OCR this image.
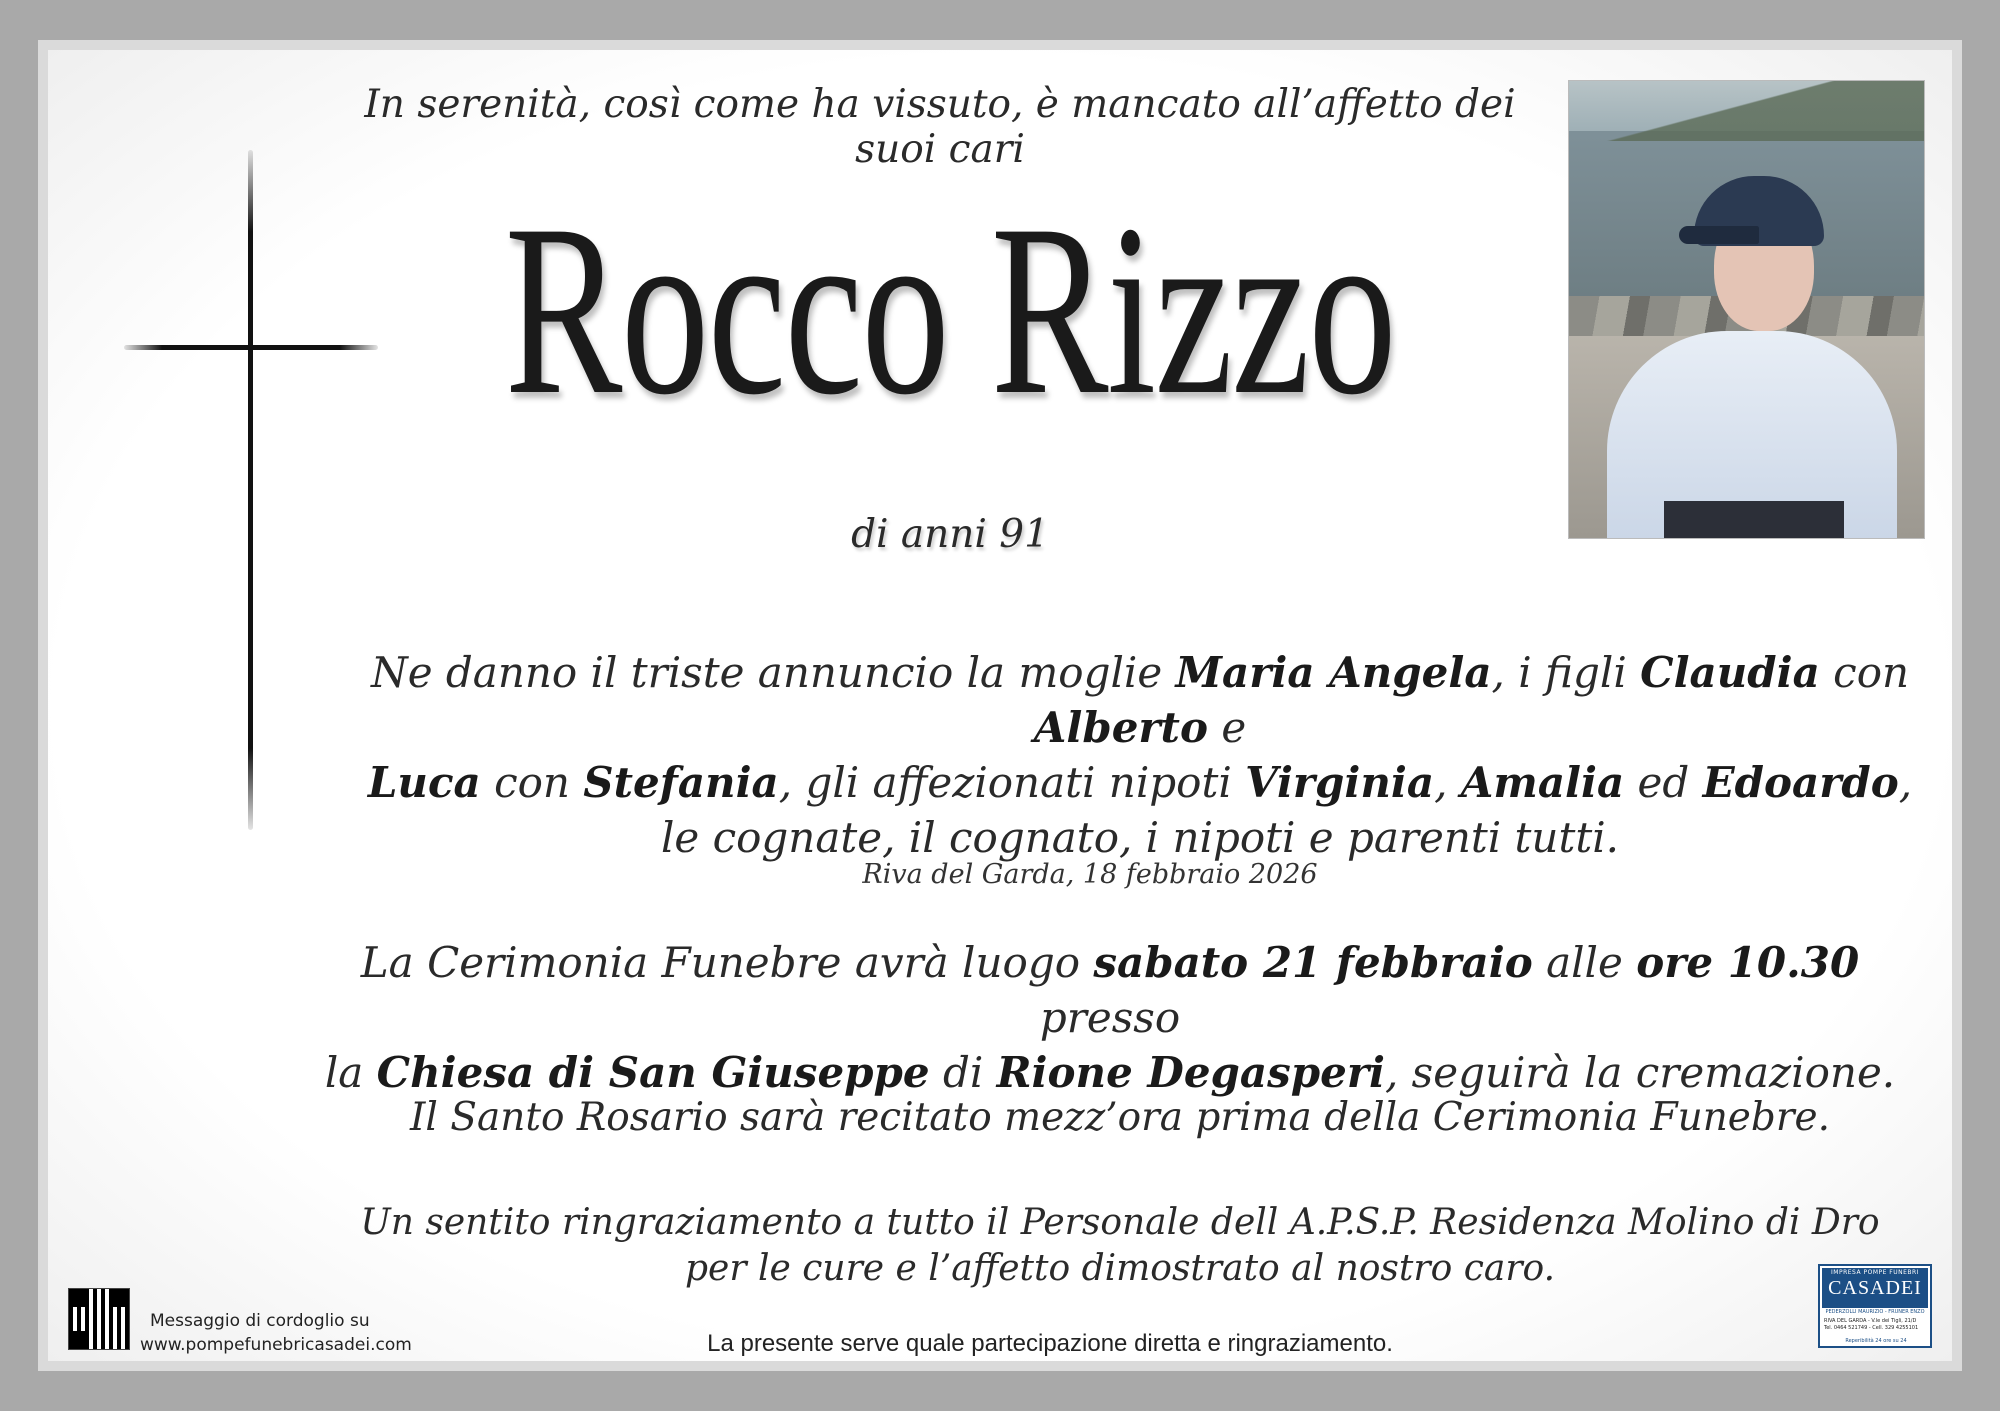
In serenità, così come ha vissuto, è mancato all’affetto dei suoi cari
Rocco Rizzo
di anni 91
Ne danno il triste annuncio la moglie Maria Angela, i figli Claudia con Alberto e
Luca con Stefania, gli affezionati nipoti Virginia, Amalia ed Edoardo,
le cognate, il cognato, i nipoti e parenti tutti.
Riva del Garda, 18 febbraio 2026
La Cerimonia Funebre avrà luogo sabato 21 febbraio alle ore 10.30 presso
la Chiesa di San Giuseppe di Rione Degasperi, seguirà la cremazione.
Il Santo Rosario sarà recitato mezz’ora prima della Cerimonia Funebre.
Un sentito ringraziamento a tutto il Personale dell A.P.S.P. Residenza Molino di Dro
per le cure e l’affetto dimostrato al nostro caro.
Messaggio di cordoglio su
www.pompefunebricasadei.com	La presente serve quale partecipazione diretta e ringraziamento.
IMPRESA POMPE FUNEBRI
CASADEI
PEDERZOLLI MAURIZIO - FRUNER ENZO
RIVA DEL GARDA - V.le dei Tigli, 21/D
Tel. 0464 521749 - Cell. 329 4255101
Reperibilità 24 ore su 24
